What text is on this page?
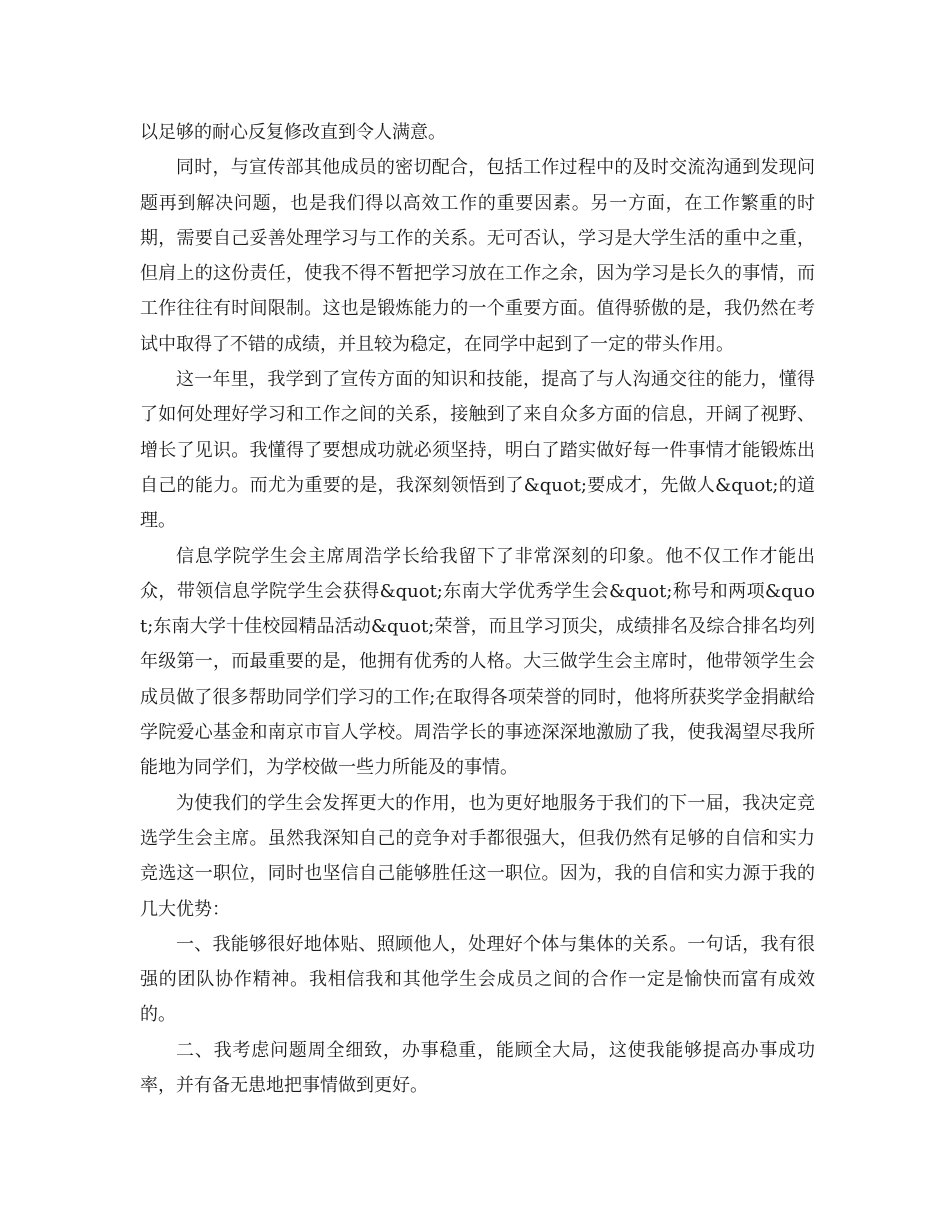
以足够的耐心反复修改直到令人满意。

同时，与宣传部其他成员的密切配合，包括工作过程中的及时交流沟通到发现问题再到解决问题，也是我们得以高效工作的重要因素。另一方面，在工作繁重的时期，需要自己妥善处理学习与工作的关系。无可否认，学习是大学生活的重中之重，但肩上的这份责任，使我不得不暂把学习放在工作之余，因为学习是长久的事情，而工作往往有时间限制。这也是锻炼能力的一个重要方面。值得骄傲的是，我仍然在考试中取得了不错的成绩，并且较为稳定，在同学中起到了一定的带头作用。

这一年里，我学到了宣传方面的知识和技能，提高了与人沟通交往的能力，懂得了如何处理好学习和工作之间的关系，接触到了来自众多方面的信息，开阔了视野、增长了见识。我懂得了要想成功就必须坚持，明白了踏实做好每一件事情才能锻炼出自己的能力。而尤为重要的是，我深刻领悟到了&quot;要成才，先做人&quot;的道理。

信息学院学生会主席周浩学长给我留下了非常深刻的印象。他不仅工作才能出众，带领信息学院学生会获得&quot;东南大学优秀学生会&quot;称号和两项&quot;东南大学十佳校园精品活动&quot;荣誉，而且学习顶尖，成绩排名及综合排名均列年级第一，而最重要的是，他拥有优秀的人格。大三做学生会主席时，他带领学生会成员做了很多帮助同学们学习的工作;在取得各项荣誉的同时，他将所获奖学金捐献给学院爱心基金和南京市盲人学校。周浩学长的事迹深深地激励了我，使我渴望尽我所能地为同学们，为学校做一些力所能及的事情。

为使我们的学生会发挥更大的作用，也为更好地服务于我们的下一届，我决定竞选学生会主席。虽然我深知自己的竞争对手都很强大，但我仍然有足够的自信和实力竞选这一职位，同时也坚信自己能够胜任这一职位。因为，我的自信和实力源于我的几大优势：

一、我能够很好地体贴、照顾他人，处理好个体与集体的关系。一句话，我有很强的团队协作精神。我相信我和其他学生会成员之间的合作一定是愉快而富有成效的。

二、我考虑问题周全细致，办事稳重，能顾全大局，这使我能够提高办事成功率，并有备无患地把事情做到更好。
